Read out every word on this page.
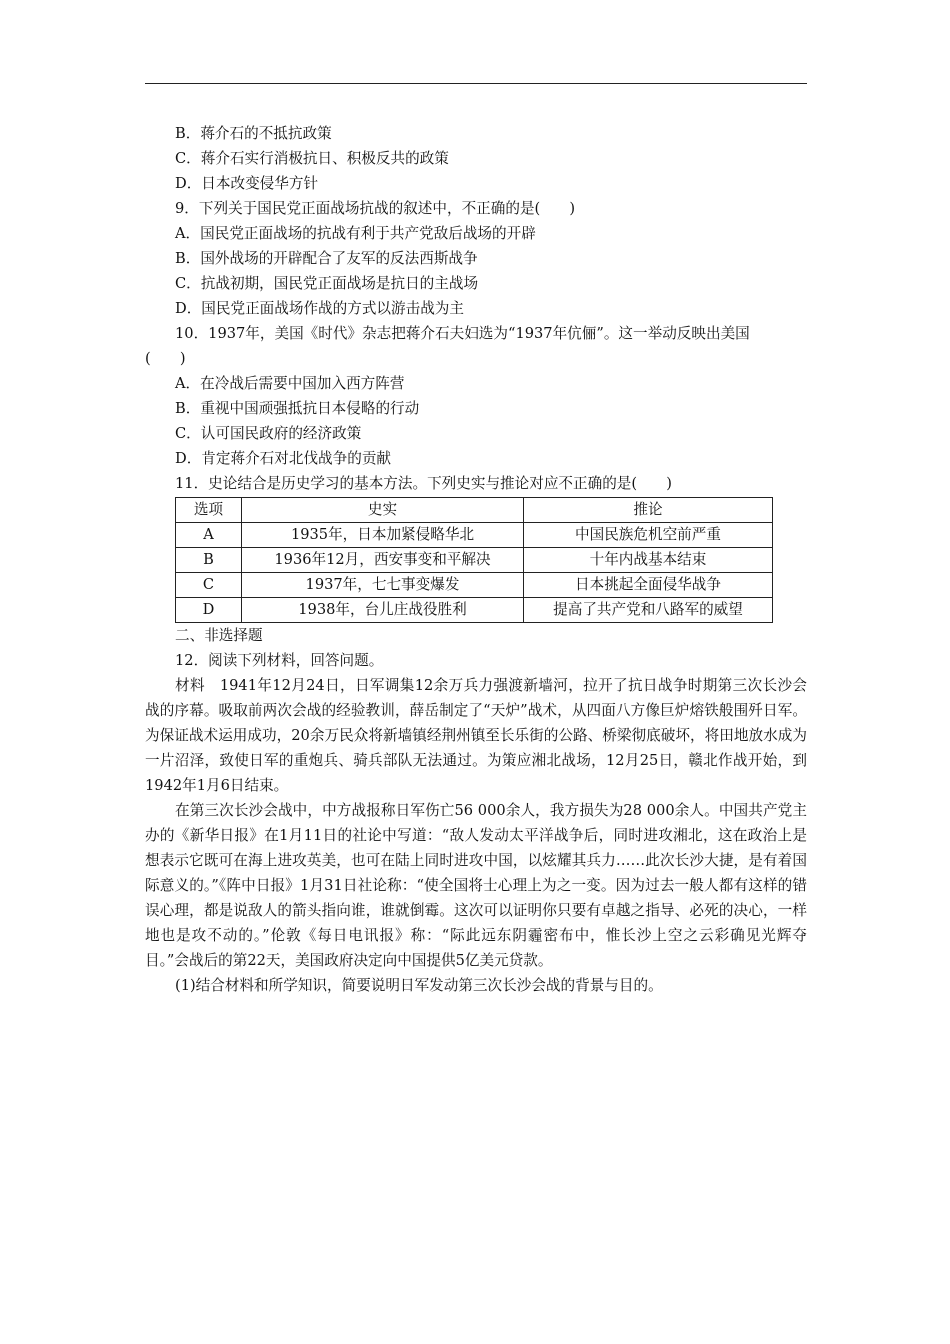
B．蒋介石的不抵抗政策
C．蒋介石实行消极抗日、积极反共的政策
D．日本改变侵华方针
9．下列关于国民党正面战场抗战的叙述中，不正确的是(　　)
A．国民党正面战场的抗战有利于共产党敌后战场的开辟
B．国外战场的开辟配合了友军的反法西斯战争
C．抗战初期，国民党正面战场是抗日的主战场
D．国民党正面战场作战的方式以游击战为主
10．1937年，美国《时代》杂志把蒋介石夫妇选为“1937年伉俪”。这一举动反映出美国
(　　)
A．在冷战后需要中国加入西方阵营
B．重视中国顽强抵抗日本侵略的行动
C．认可国民政府的经济政策
D．肯定蒋介石对北伐战争的贡献
11．史论结合是历史学习的基本方法。下列史实与推论对应不正确的是(　　)
选项	史实	推论
A	1935年，日本加紧侵略华北	中国民族危机空前严重
B	1936年12月，西安事变和平解决	十年内战基本结束
C	1937年，七七事变爆发	日本挑起全面侵华战争
D	1938年，台儿庄战役胜利	提高了共产党和八路军的威望
二、非选择题
12．阅读下列材料，回答问题。
材料　1941年12月24日，日军调集12余万兵力强渡新墙河，拉开了抗日战争时期第三次长沙会战的序幕。吸取前两次会战的经验教训，薛岳制定了“天炉”战术，从四面八方像巨炉熔铁般围歼日军。为保证战术运用成功，20余万民众将新墙镇经荆州镇至长乐街的公路、桥梁彻底破坏，将田地放水成为一片沼泽，致使日军的重炮兵、骑兵部队无法通过。为策应湘北战场，12月25日，赣北作战开始，到1942年1月6日结束。
在第三次长沙会战中，中方战报称日军伤亡56 000余人，我方损失为28 000余人。中国共产党主办的《新华日报》在1月11日的社论中写道：“敌人发动太平洋战争后，同时进攻湘北，这在政治上是想表示它既可在海上进攻英美，也可在陆上同时进攻中国，以炫耀其兵力……此次长沙大捷，是有着国际意义的。”《阵中日报》1月31日社论称：“使全国将士心理上为之一变。因为过去一般人都有这样的错误心理，都是说敌人的箭头指向谁，谁就倒霉。这次可以证明你只要有卓越之指导、必死的决心，一样地也是攻不动的。”伦敦《每日电讯报》称：“际此远东阴霾密布中，惟长沙上空之云彩确见光辉夺目。”会战后的第22天，美国政府决定向中国提供5亿美元贷款。
(1)结合材料和所学知识，简要说明日军发动第三次长沙会战的背景与目的。
